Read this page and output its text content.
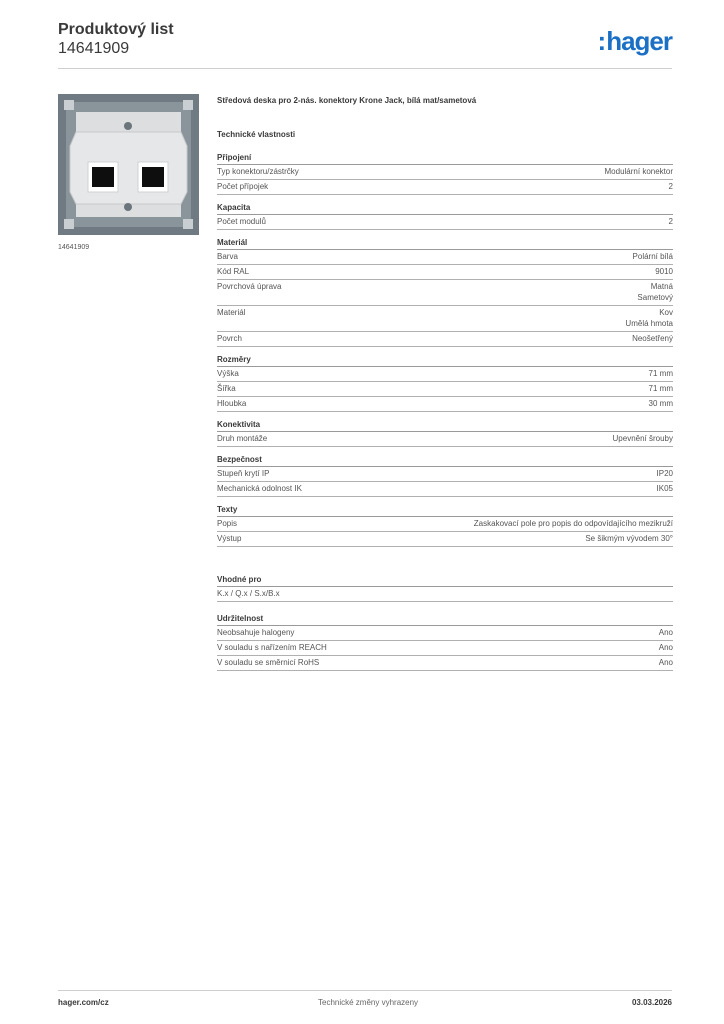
Produktový list
14641909	:hager
14641909
Středová deska pro 2-nás. konektory Krone Jack, bílá mat/sametová
Technické vlastnosti
Připojení
Typ konektoru/zástrčky	Modulární konektor
Počet přípojek	2
Kapacita
Počet modulů	2
Materiál
Barva	Polární bílá
Kód RAL	9010
Povrchová úprava	Matná
Sametový
Materiál	Kov
Umělá hmota
Povrch	Neošetřený
Rozměry
Výška	71 mm
Šířka	71 mm
Hloubka	30 mm
Konektivita
Druh montáže	Upevnění šrouby
Bezpečnost
Stupeň krytí IP	IP20
Mechanická odolnost IK	IK05
Texty
Popis	Zaskakovací pole pro popis do odpovídajícího mezikruží
Výstup	Se šikmým vývodem 30°
Vhodné pro
K.x / Q.x / S.x/B.x
Udržitelnost
Neobsahuje halogeny	Ano
V souladu s nařízením REACH	Ano
V souladu se směrnicí RoHS	Ano
hager.com/cz	Technické změny vyhrazeny	03.03.2026
